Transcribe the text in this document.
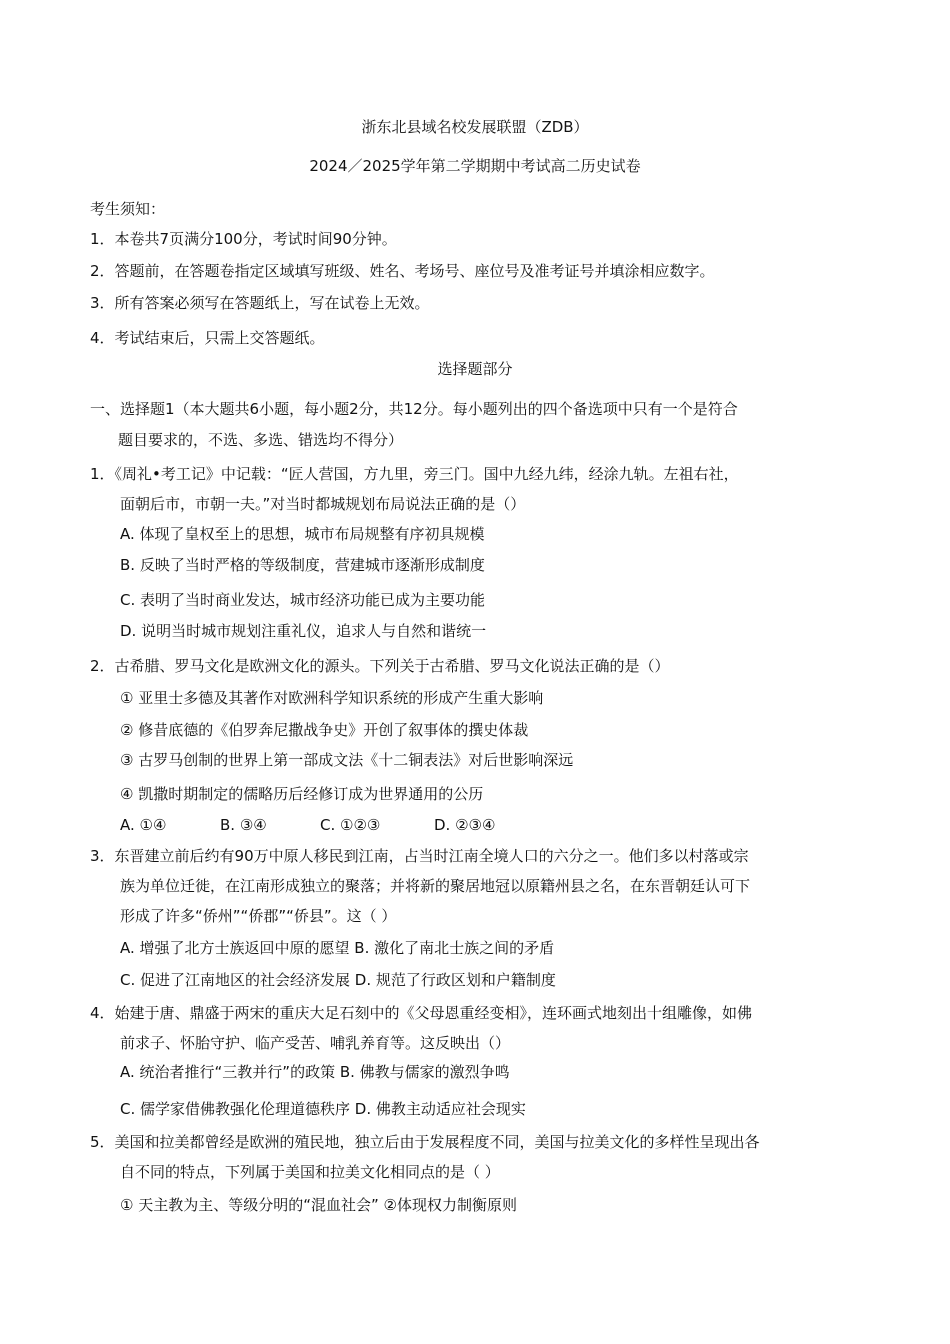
浙东北县域名校发展联盟（ZDB）
2024／2025学年第二学期期中考试高二历史试卷
考生须知：
1．本卷共7页满分100分，考试时间90分钟。
2．答题前，在答题卷指定区域填写班级、姓名、考场号、座位号及准考证号并填涂相应数字。
3．所有答案必须写在答题纸上，写在试卷上无效。
4．考试结束后，只需上交答题纸。
选择题部分
一、选择题1（本大题共6小题，每小题2分，共12分。每小题列出的四个备选项中只有一个是符合
题目要求的，不选、多选、错选均不得分）
1．《周礼•考工记》中记载：“匠人营国，方九里，旁三门。国中九经九纬，经涂九轨。左祖右社，
面朝后市，市朝一夫。”对当时都城规划布局说法正确的是（）
A. 体现了皇权至上的思想，城市布局规整有序初具规模
B. 反映了当时严格的等级制度，营建城市逐渐形成制度
C. 表明了当时商业发达，城市经济功能已成为主要功能
D. 说明当时城市规划注重礼仪，追求人与自然和谐统一
2．古希腊、罗马文化是欧洲文化的源头。下列关于古希腊、罗马文化说法正确的是（）
① 亚里士多德及其著作对欧洲科学知识系统的形成产生重大影响
② 修昔底德的《伯罗奔尼撒战争史》开创了叙事体的撰史体裁
③ 古罗马创制的世界上第一部成文法《十二铜表法》对后世影响深远
④ 凯撒时期制定的儒略历后经修订成为世界通用的公历
A. ①④	B. ③④	C. ①②③	D. ②③④
3．东晋建立前后约有90万中原人移民到江南，占当时江南全境人口的六分之一。他们多以村落或宗
族为单位迁徙，在江南形成独立的聚落；并将新的聚居地冠以原籍州县之名，在东晋朝廷认可下
形成了许多“侨州”“侨郡”“侨县”。这（ ）
A. 增强了北方士族返回中原的愿望 B. 激化了南北士族之间的矛盾
C. 促进了江南地区的社会经济发展 D. 规范了行政区划和户籍制度
4．始建于唐、鼎盛于两宋的重庆大足石刻中的《父母恩重经变相》，连环画式地刻出十组雕像，如佛
前求子、怀胎守护、临产受苦、哺乳养育等。这反映出（）
A. 统治者推行“三教并行”的政策 B. 佛教与儒家的激烈争鸣
C. 儒学家借佛教强化伦理道德秩序 D. 佛教主动适应社会现实
5．美国和拉美都曾经是欧洲的殖民地，独立后由于发展程度不同，美国与拉美文化的多样性呈现出各
自不同的特点，下列属于美国和拉美文化相同点的是（ ）
① 天主教为主、等级分明的“混血社会” ②体现权力制衡原则
